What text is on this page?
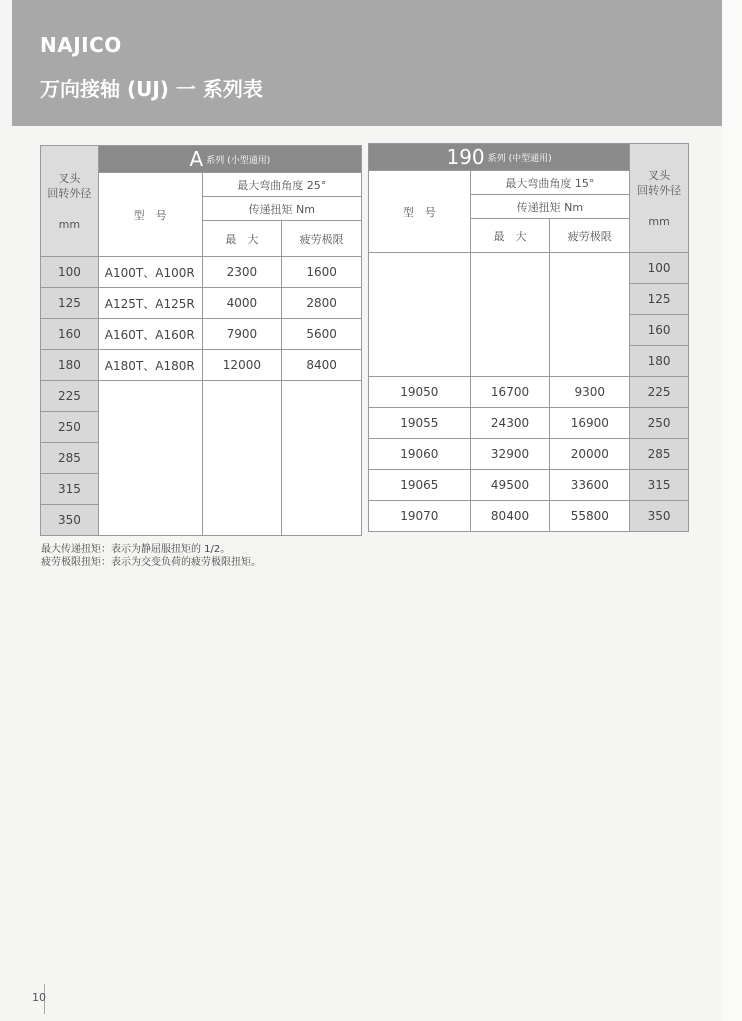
NAJICO
万向接轴 (UJ) 一 系列表
叉头
回转外径
mm	A 系列 (小型通用)		
	型　号	最大弯曲角度 25°	
		传递扭矩 Nm	
		最　大	疲劳极限
100	A100T、A100R	2300	1600
125	A125T、A125R	4000	2800
160	A160T、A160R	7900	5600
180	A180T、A180R	12000	8400
225			
250			
285			
315			
350			
190 系列 (中型通用)			叉头
回转外径
mm

型　号	最大弯曲角度 15°		
	传递扭矩 Nm		
	最　大	疲劳极限	
			100
			125
			160
			180
19050	16700	9300	225
19055	24300	16900	250
19060	32900	20000	285
19065	49500	33600	315
19070	80400	55800	350
最大传递扭矩：表示为静屈服扭矩的 1/2。
疲劳极限扭矩：表示为交变负荷的疲劳极限扭矩。
10
